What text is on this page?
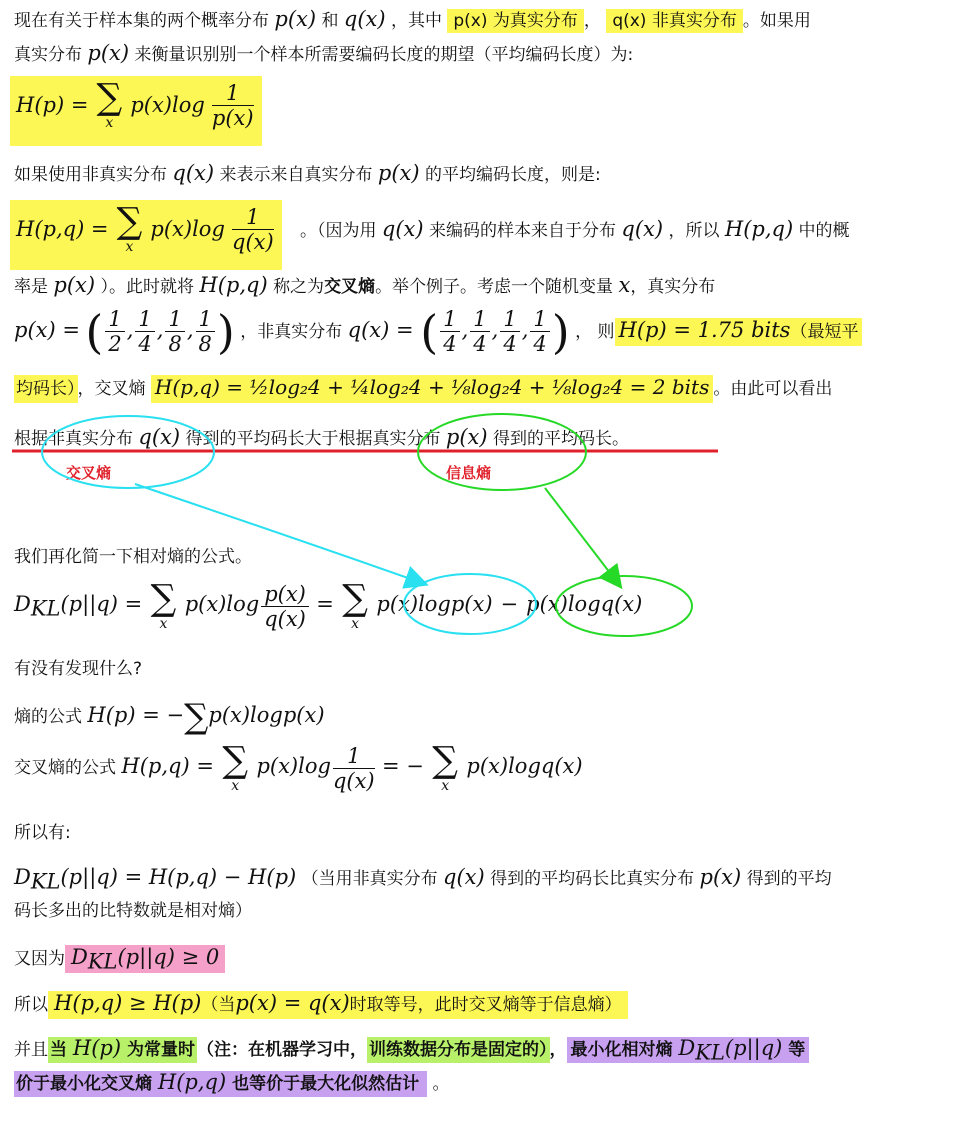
现在有关于样本集的两个概率分布 p(x) 和 q(x) ，其中 p(x) 为真实分布 ， q(x) 非真实分布 。如果用
真实分布 p(x) 来衡量识别别一个样本所需要编码长度的期望（平均编码长度）为:
H(p) = ∑
x
$p(x)\log \frac{1}{p(x)}$
如果使用非真实分布 q(x) 来表示来自真实分布 p(x) 的平均编码长度，则是:
H(p,q) = ∑
x
$p(x)\log \frac{1}{q(x)}$ 。（因为用 q(x) 来编码的样本来自于分布 q(x) ，所以 H(p,q) 中的概
率是 p(x) ）。此时就将 H(p,q) 称之为交叉熵。举个例子。考虑一个随机变量 x，真实分布
p(x) = ( $\frac{1}{2}$ , $\frac{1}{4}$ , $\frac{1}{8}$ , $\frac{1}{8}$ ) ，非真实分布 q(x) = ( $\frac{1}{4}$ , $\frac{1}{4}$ , $\frac{1}{4}$ , $\frac{1}{4}$ ) ， 则 H(p) = 1.75 bits（最短平
均码长） ，交叉熵 H(p,q) = ½log₂4 + ¼log₂4 + ⅛log₂4 + ⅛log₂4 = 2 bits 。由此可以看出
根据非真实分布 q(x) 得到的平均码长大于根据真实分布 p(x) 得到的平均码长。
交叉熵	信息熵
我们再化简一下相对熵的公式。
$D_{KL}(p||q)$ = ∑
x
$p(x)\log \frac{p(x)}{q(x)}$ = ∑
x
p(x)logp(x) − p(x)logq(x)
有没有发现什么?
熵的公式 H(p) = −∑p(x)logp(x)
交叉熵的公式 H(p,q) = ∑
x
$p(x)\log \frac{1}{q(x)}$ = − ∑
x
p(x)logq(x)
所以有:
$D_{KL}(p||q) = H(p,q) - H(p)$ （当用非真实分布 q(x) 得到的平均码长比真实分布 p(x) 得到的平均
码长多出的比特数就是相对熵）
又因为 $D_{KL}(p||q) \ge 0$
所以 H(p,q) ≥ H(p)（当p(x) = q(x)时取等号，此时交叉熵等于信息熵）
并且 当 H(p) 为常量时 （注：在机器学习中， 训练数据分布是固定的） ， 最小化相对熵 $D_{KL}(p||q)$ 等
价于最小化交叉熵 H(p,q) 也等价于最大化似然估计 。
